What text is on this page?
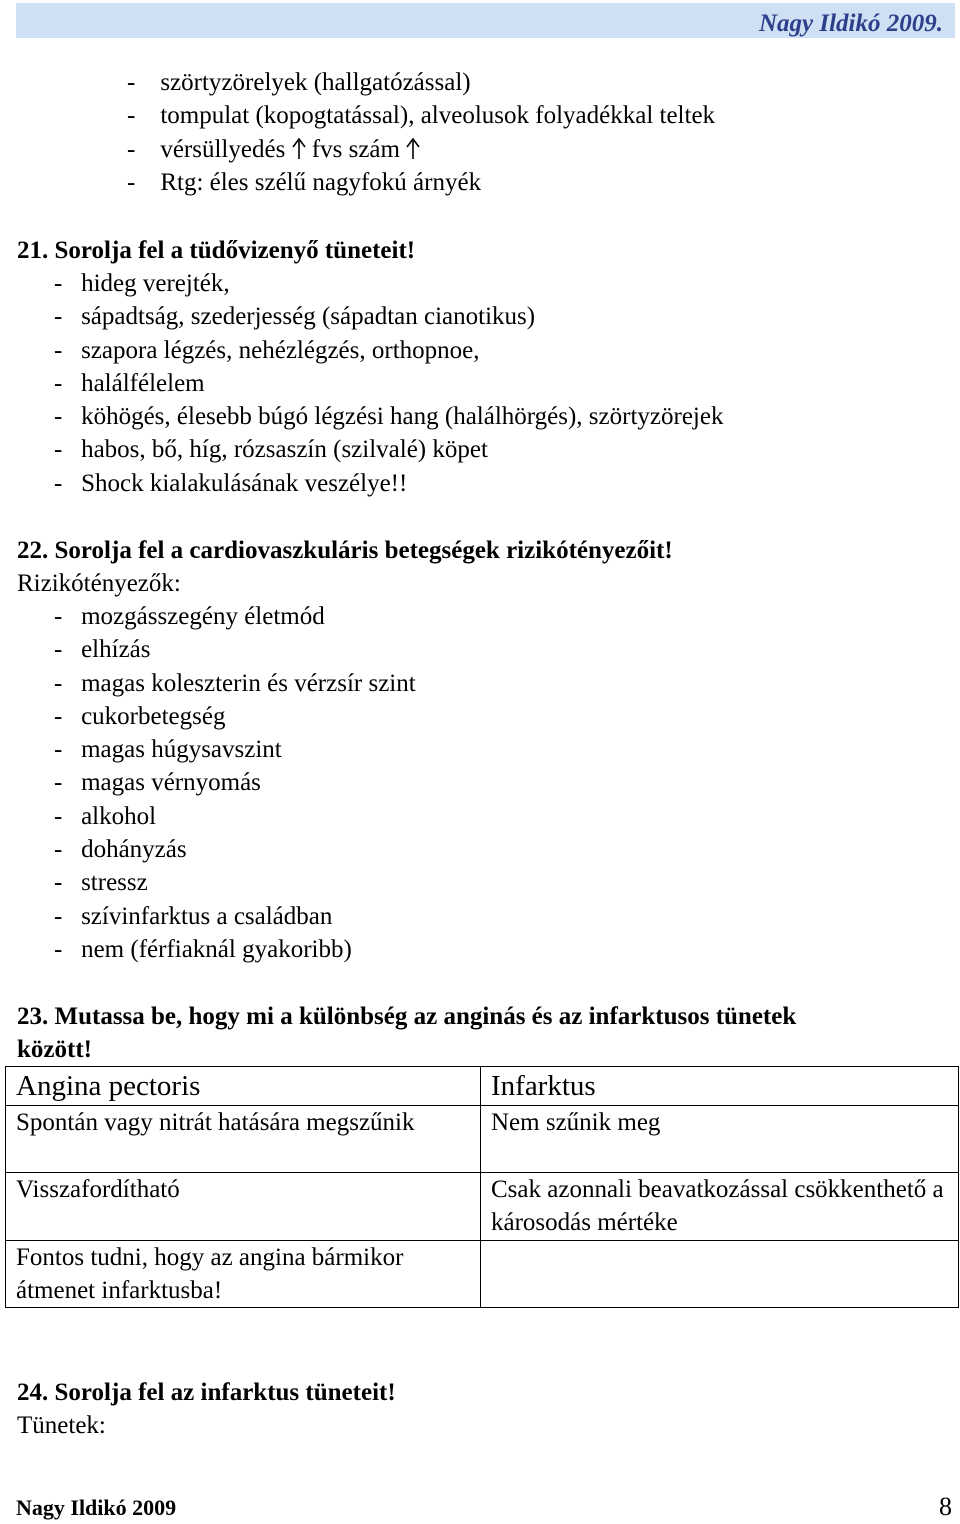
Nagy Ildikó 2009.
-    szörtyzörelyek (hallgatózással)
-    tompulat (kopogtatással), alveolusok folyadékkal teltek
-    vérsüllyedés  fvs szám
-    Rtg: éles szélű nagyfokú árnyék
21. Sorolja fel a tüdővizenyő tüneteit!
-   hideg verejték,
-   sápadtság, szederjesség (sápadtan cianotikus)
-   szapora légzés, nehézlégzés, orthopnoe,
-   halálfélelem
-   köhögés, élesebb búgó légzési hang (halálhörgés), szörtyzörejek
-   habos, bő, híg, rózsaszín (szilvalé) köpet
-   Shock kialakulásának veszélye!!
22. Sorolja fel a cardiovaszkuláris betegségek rizikótényezőit!
Rizikótényezők:
-   mozgásszegény életmód
-   elhízás
-   magas koleszterin és vérzsír szint
-   cukorbetegség
-   magas húgysavszint
-   magas vérnyomás
-   alkohol
-   dohányzás
-   stressz
-   szívinfarktus a családban
-   nem (férfiaknál gyakoribb)
23. Mutassa be, hogy mi a különbség az anginás és az infarktusos tünetek
között!
Angina pectoris	Infarktus
Spontán vagy nitrát hatására megszűnik	Nem szűnik meg
Visszafordítható	Csak azonnali beavatkozással csökkenthető a károsodás mértéke
Fontos tudni, hogy az angina bármikor átmenet infarktusba!	
24. Sorolja fel az infarktus tüneteit!
Tünetek:
Nagy Ildikó 2009	8
